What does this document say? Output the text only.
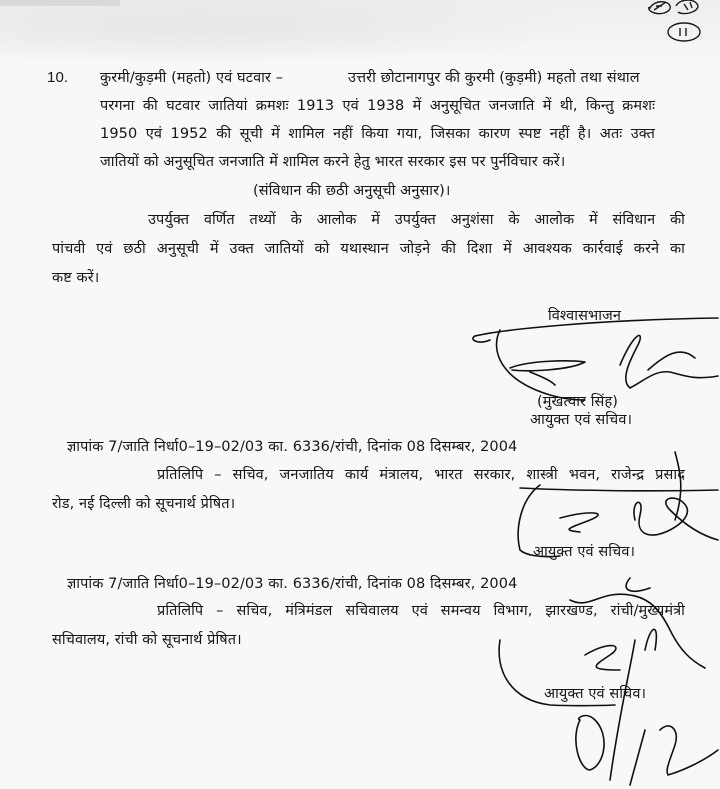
10. कुरमी/कुड़मी (महतो) एवं घटवार –	उत्तरी छोटानागपुर की कुरमी (कुड़मी) महतो तथा संथाल
परगना की घटवार जातियां क्रमशः 1913 एवं 1938 में अनुसूचित जनजाति में थी, किन्तु क्रमशः
1950 एवं 1952 की सूची में शामिल नहीं किया गया, जिसका कारण स्पष्ट नहीं है। अतः उक्त
जातियों को अनुसूचित जनजाति में शामिल करने हेतु भारत सरकार इस पर पुर्नविचार करें।
(संविधान की छठी अनुसूची अनुसार)।
उपर्युक्त वर्णित तथ्यों के आलोक में उपर्युक्त अनुशंसा के आलोक में संविधान की
पांचवी एवं छठी अनुसूची में उक्त जातियों को यथास्थान जोड़ने की दिशा में आवश्यक कार्रवाई करने का
कष्ट करें।
विश्वासभाजन
(मुखत्यार सिंह)
आयुक्त एवं सचिव।
ज्ञापांक 7/जाति निर्धा0–19–02/03 का. 6336/रांची, दिनांक 08 दिसम्बर, 2004
प्रतिलिपि – सचिव, जनजातिय कार्य मंत्रालय, भारत सरकार, शास्त्री भवन, राजेन्द्र प्रसाद
रोड, नई दिल्ली को सूचनार्थ प्रेषित।
आयुक्त एवं सचिव।
ज्ञापांक 7/जाति निर्धा0–19–02/03 का. 6336/रांची, दिनांक 08 दिसम्बर, 2004
प्रतिलिपि – सचिव, मंत्रिमंडल सचिवालय एवं समन्वय विभाग, झारखण्ड, रांची/मुख्यमंत्री
सचिवालय, रांची को सूचनार्थ प्रेषित।
आयुक्त एवं सचिव।
